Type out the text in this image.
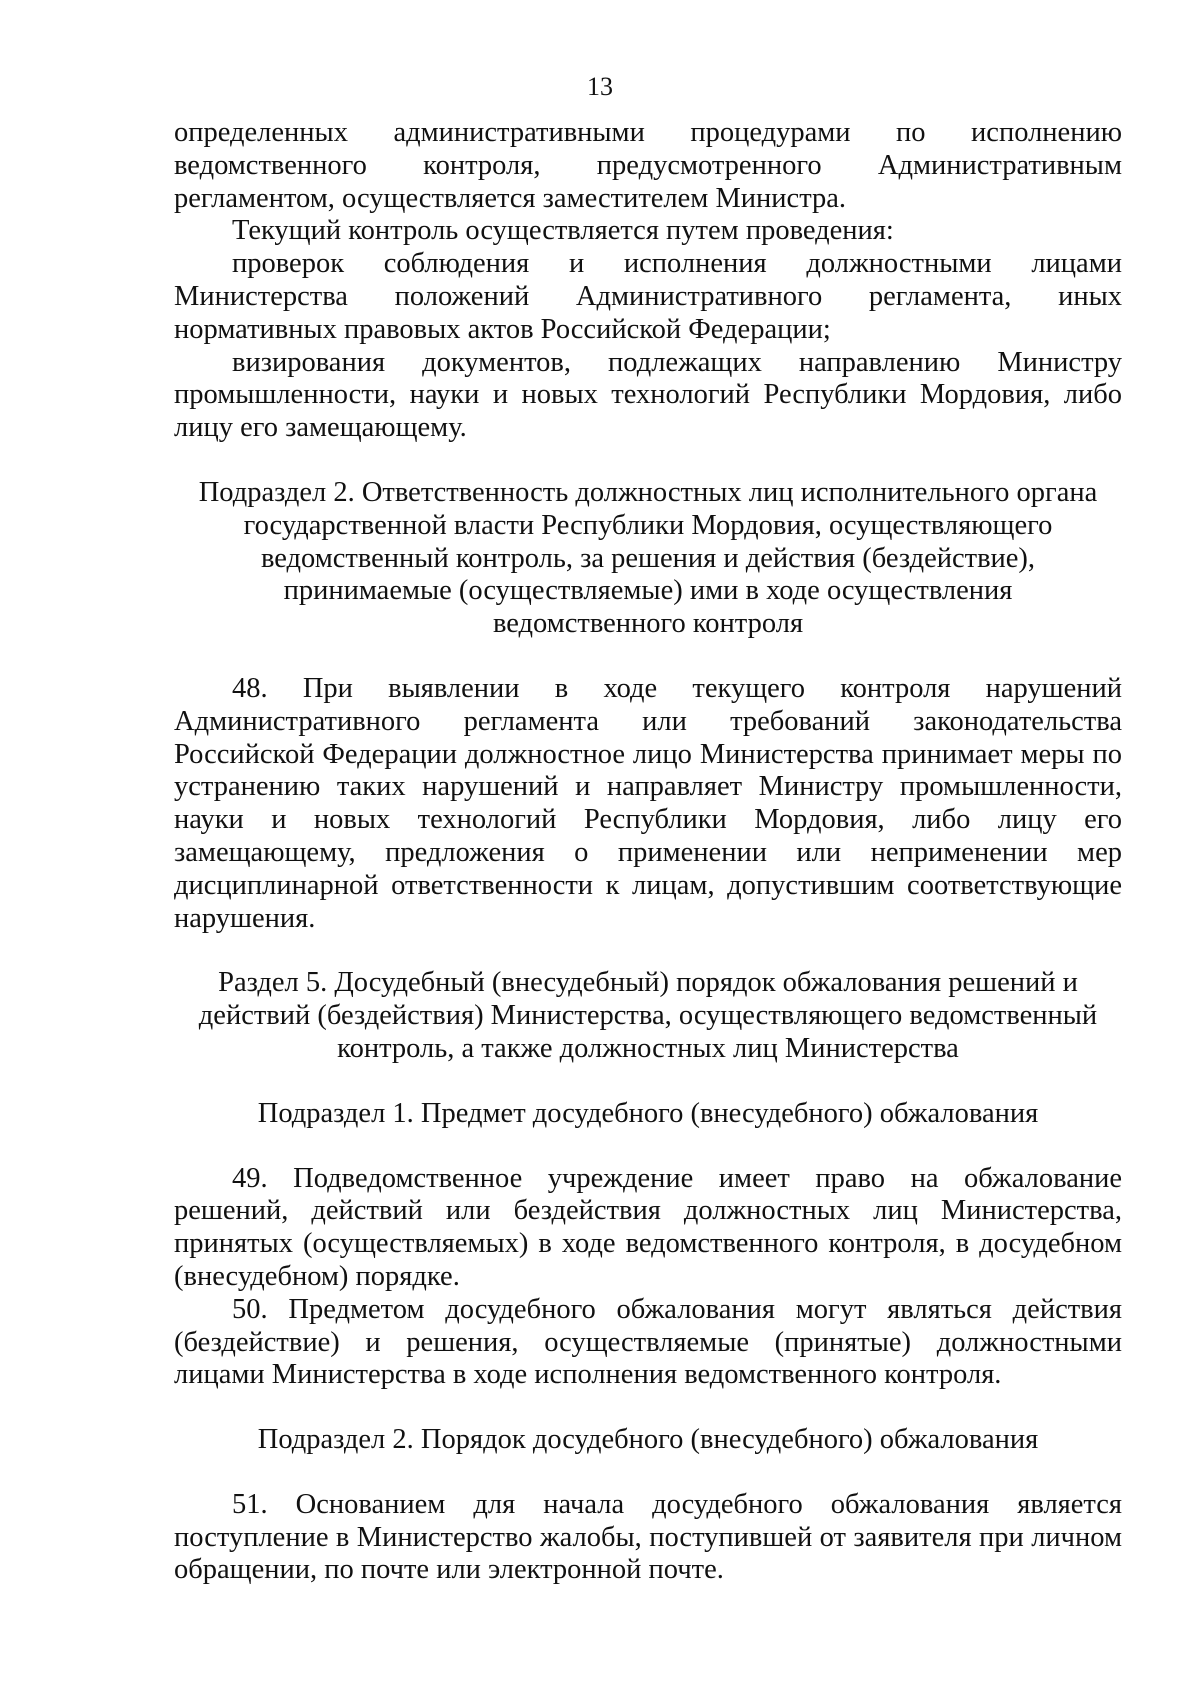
13

определенных административными процедурами по исполнению ведомственного контроля, предусмотренного Административным регламентом, осуществляется заместителем Министра.

Текущий контроль осуществляется путем проведения:

проверок соблюдения и исполнения должностными лицами Министерства положений Административного регламента, иных нормативных правовых актов Российской Федерации;

визирования документов, подлежащих направлению Министру промышленности, науки и новых технологий Республики Мордовия, либо лицу его замещающему.

Подраздел 2. Ответственность должностных лиц исполнительного органа государственной власти Республики Мордовия, осуществляющего ведомственный контроль, за решения и действия (бездействие), принимаемые (осуществляемые) ими в ходе осуществления ведомственного контроля

48. При выявлении в ходе текущего контроля нарушений Административного регламента или требований законодательства Российской Федерации должностное лицо Министерства принимает меры по устранению таких нарушений и направляет Министру промышленности, науки и новых технологий Республики Мордовия, либо лицу его замещающему, предложения о применении или неприменении мер дисциплинарной ответственности к лицам, допустившим соответствующие нарушения.

Раздел 5. Досудебный (внесудебный) порядок обжалования решений и действий (бездействия) Министерства, осуществляющего ведомственный контроль, а также должностных лиц Министерства
Подраздел 1. Предмет досудебного (внесудебного) обжалования

49. Подведомственное учреждение имеет право на обжалование решений, действий или бездействия должностных лиц Министерства, принятых (осуществляемых) в ходе ведомственного контроля, в досудебном (внесудебном) порядке.

50. Предметом досудебного обжалования могут являться действия (бездействие) и решения, осуществляемые (принятые) должностными лицами Министерства в ходе исполнения ведомственного контроля.

Подраздел 2. Порядок досудебного (внесудебного) обжалования

51. Основанием для начала досудебного обжалования является поступление в Министерство жалобы, поступившей от заявителя при личном обращении, по почте или электронной почте.
